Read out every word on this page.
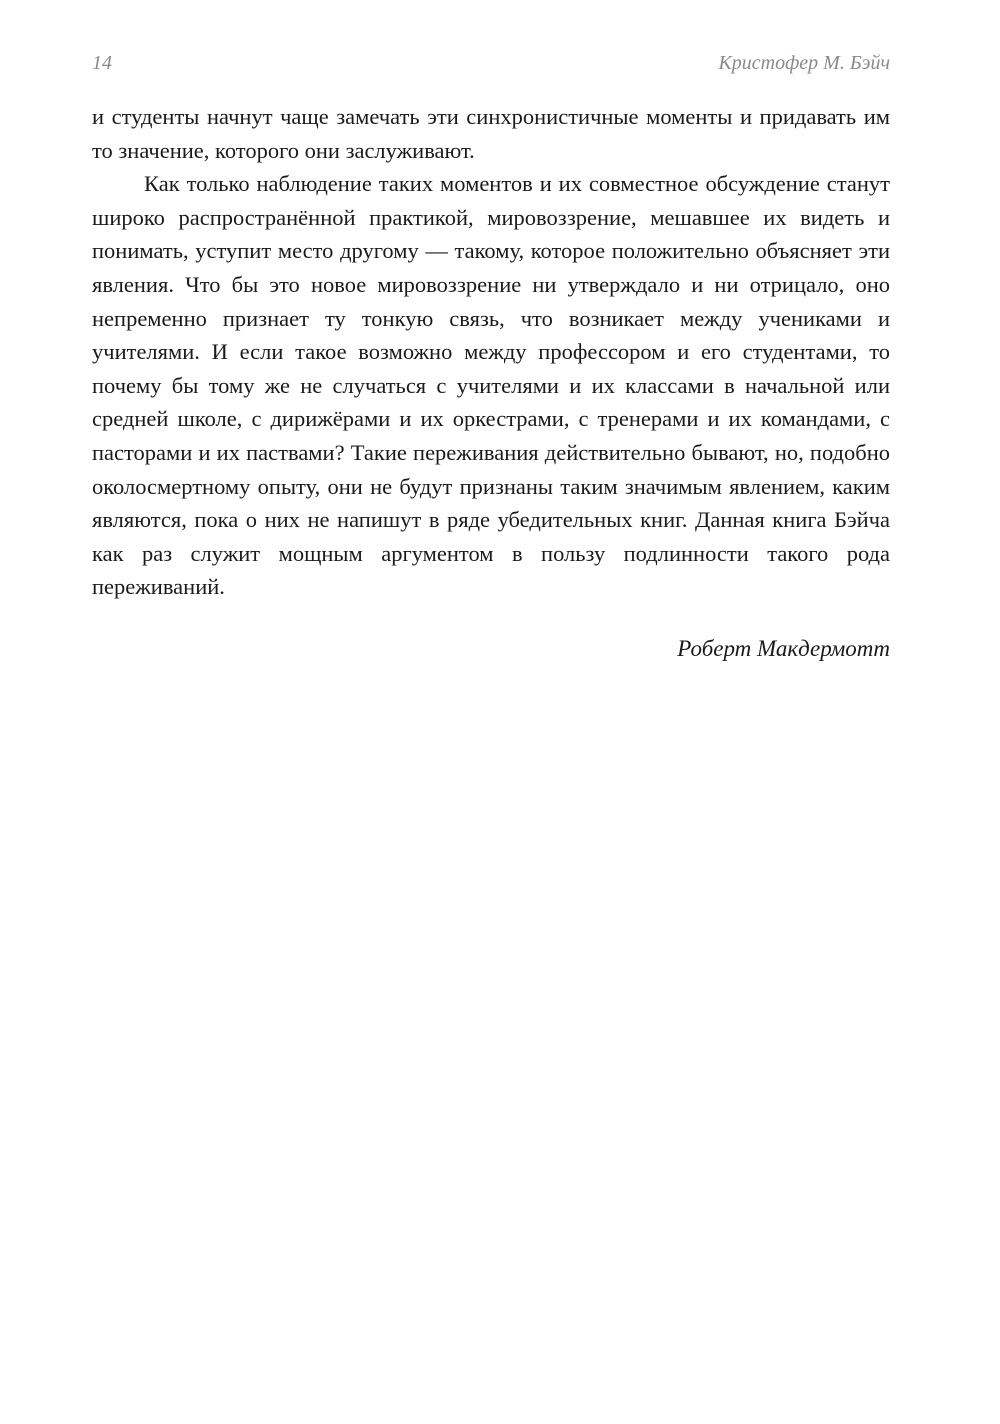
14	Кристофер М. Бэйч

и студенты начнут чаще замечать эти синхронистичные моменты и придавать им то значение, которого они заслуживают.

Как только наблюдение таких моментов и их совместное обсуждение станут широко распространённой практикой, мировоззрение, мешавшее их видеть и понимать, уступит место другому — такому, которое положительно объясняет эти явления. Что бы это новое мировоззрение ни утверждало и ни отрицало, оно непременно признает ту тонкую связь, что возникает между учениками и учителями. И если такое возможно между профессором и его студентами, то почему бы тому же не случаться с учителями и их классами в начальной или средней школе, с дирижёрами и их оркестрами, с тренерами и их командами, с пасторами и их паствами? Такие переживания действительно бывают, но, подобно околосмертному опыту, они не будут признаны таким значимым явлением, каким являются, пока о них не напишут в ряде убедительных книг. Данная книга Бэйча как раз служит мощным аргументом в пользу подлинности такого рода переживаний.

Роберт Макдермотт
